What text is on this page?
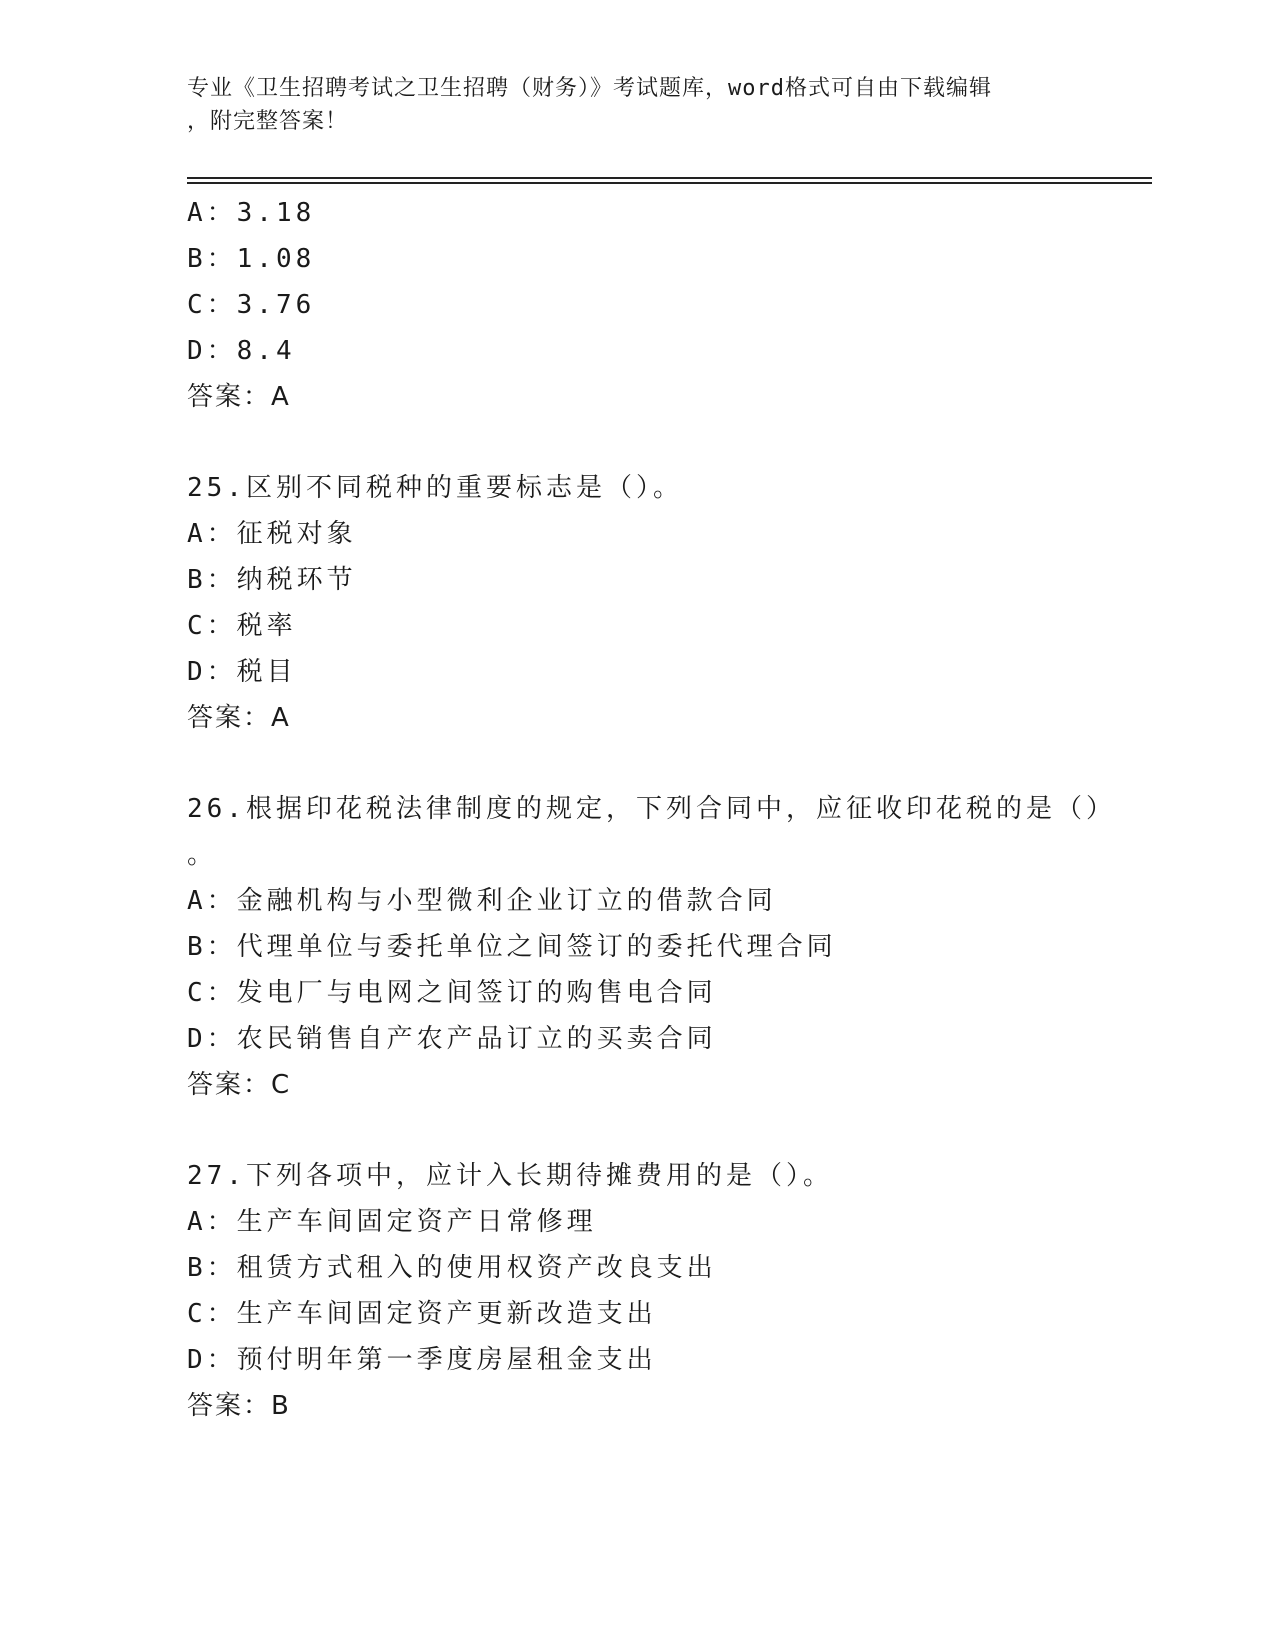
专业《卫生招聘考试之卫生招聘（财务）》考试题库，word格式可自由下载编辑
，附完整答案！
A：3.18
B：1.08
C：3.76
D：8.4
答案：A
25.区别不同税种的重要标志是（）。
A：征税对象
B：纳税环节
C：税率
D：税目
答案：A
26.根据印花税法律制度的规定，下列合同中，应征收印花税的是（）
。
A：金融机构与小型微利企业订立的借款合同
B：代理单位与委托单位之间签订的委托代理合同
C：发电厂与电网之间签订的购售电合同
D：农民销售自产农产品订立的买卖合同
答案：C
27.下列各项中，应计入长期待摊费用的是（）。
A：生产车间固定资产日常修理
B：租赁方式租入的使用权资产改良支出
C：生产车间固定资产更新改造支出
D：预付明年第一季度房屋租金支出
答案：B
